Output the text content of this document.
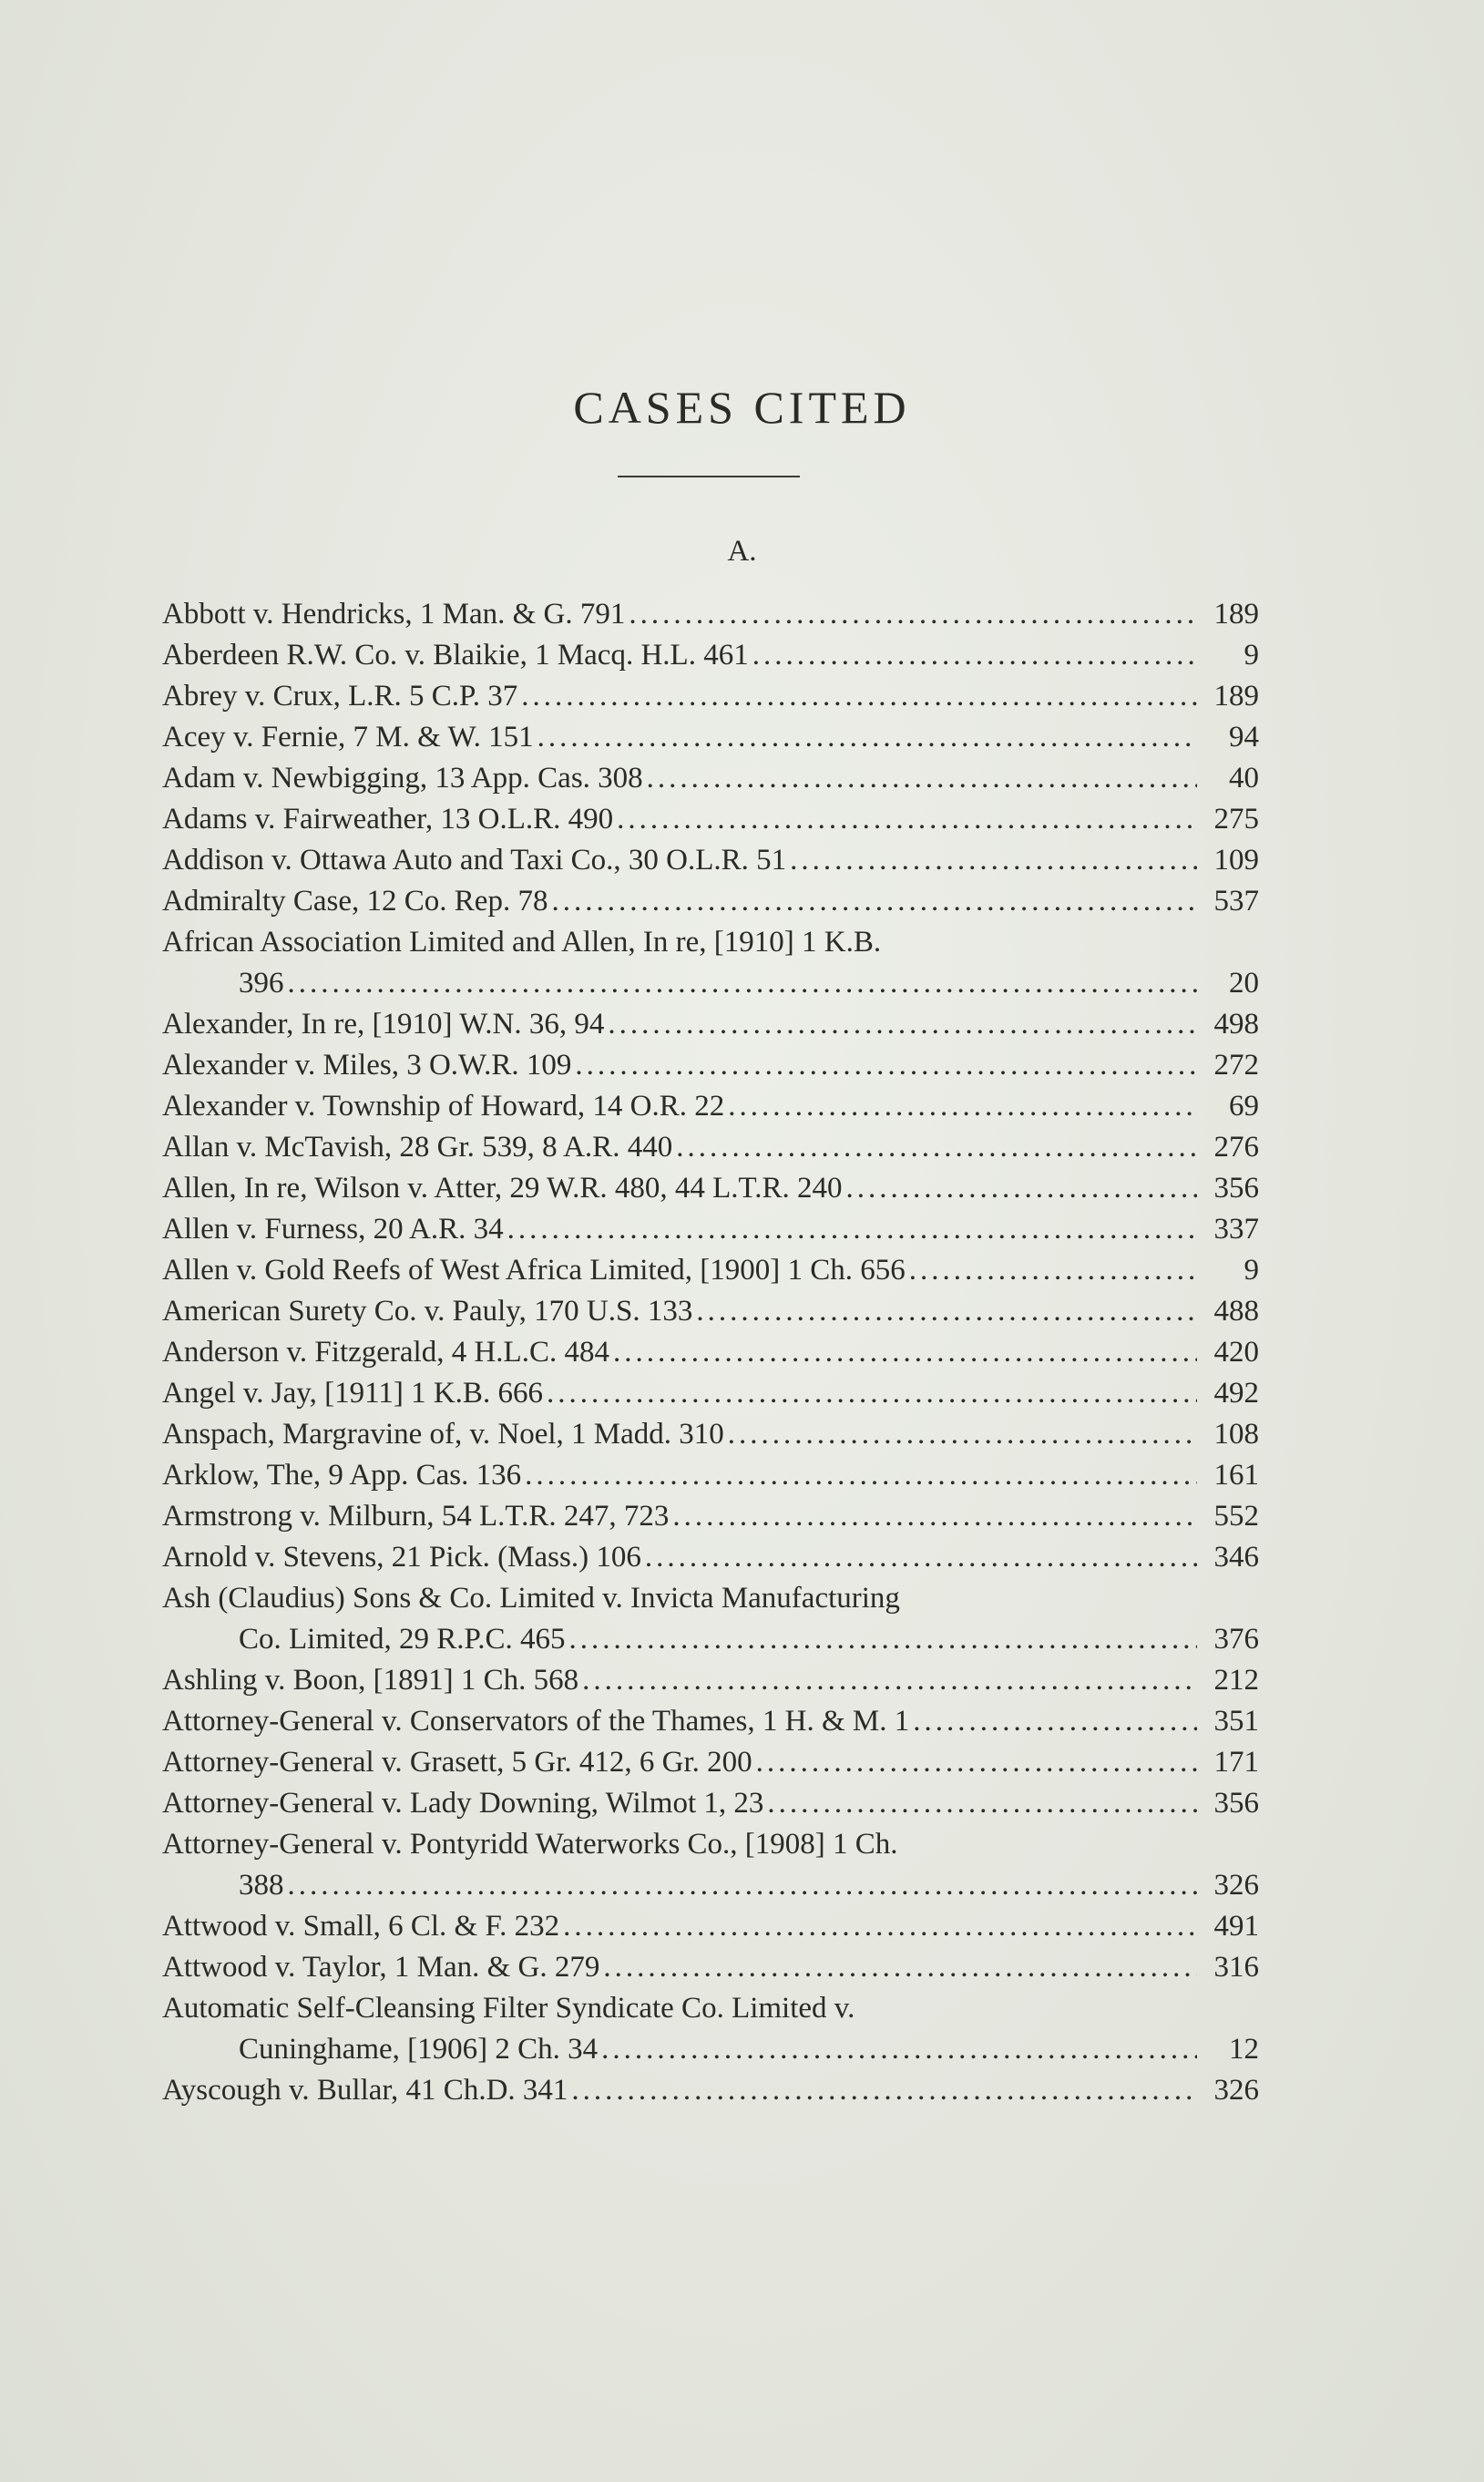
CASES CITED
A.
Abbott v. Hendricks, 1 Man. & G. 791 .....	189
Aberdeen R.W. Co. v. Blaikie, 1 Macq. H.L. 461 .....	9
Abrey v. Crux, L.R. 5 C.P. 37 .....	189
Acey v. Fernie, 7 M. & W. 151 .....	94
Adam v. Newbigging, 13 App. Cas. 308 .....	40
Adams v. Fairweather, 13 O.L.R. 490 .....	275
Addison v. Ottawa Auto and Taxi Co., 30 O.L.R. 51 .....	109
Admiralty Case, 12 Co. Rep. 78 .....	537
African Association Limited and Allen, In re, [1910] 1 K.B.
396 .....	20
Alexander, In re, [1910] W.N. 36, 94 .....	498
Alexander v. Miles, 3 O.W.R. 109 .....	272
Alexander v. Township of Howard, 14 O.R. 22 .....	69
Allan v. McTavish, 28 Gr. 539, 8 A.R. 440 .....	276
Allen, In re, Wilson v. Atter, 29 W.R. 480, 44 L.T.R. 240 .....	356
Allen v. Furness, 20 A.R. 34 .....	337
Allen v. Gold Reefs of West Africa Limited, [1900] 1 Ch. 656 .....	9
American Surety Co. v. Pauly, 170 U.S. 133 .....	488
Anderson v. Fitzgerald, 4 H.L.C. 484 .....	420
Angel v. Jay, [1911] 1 K.B. 666 .....	492
Anspach, Margravine of, v. Noel, 1 Madd. 310 .....	108
Arklow, The, 9 App. Cas. 136 .....	161
Armstrong v. Milburn, 54 L.T.R. 247, 723 .....	552
Arnold v. Stevens, 21 Pick. (Mass.) 106 .....	346
Ash (Claudius) Sons & Co. Limited v. Invicta Manufacturing
Co. Limited, 29 R.P.C. 465 .....	376
Ashling v. Boon, [1891] 1 Ch. 568 .....	212
Attorney-General v. Conservators of the Thames, 1 H. & M. 1 .....	351
Attorney-General v. Grasett, 5 Gr. 412, 6 Gr. 200 .....	171
Attorney-General v. Lady Downing, Wilmot 1, 23 .....	356
Attorney-General v. Pontyridd Waterworks Co., [1908] 1 Ch.
388 .....	326
Attwood v. Small, 6 Cl. & F. 232 .....	491
Attwood v. Taylor, 1 Man. & G. 279 .....	316
Automatic Self-Cleansing Filter Syndicate Co. Limited v.
Cuninghame, [1906] 2 Ch. 34 .....	12
Ayscough v. Bullar, 41 Ch.D. 341 .....	326
